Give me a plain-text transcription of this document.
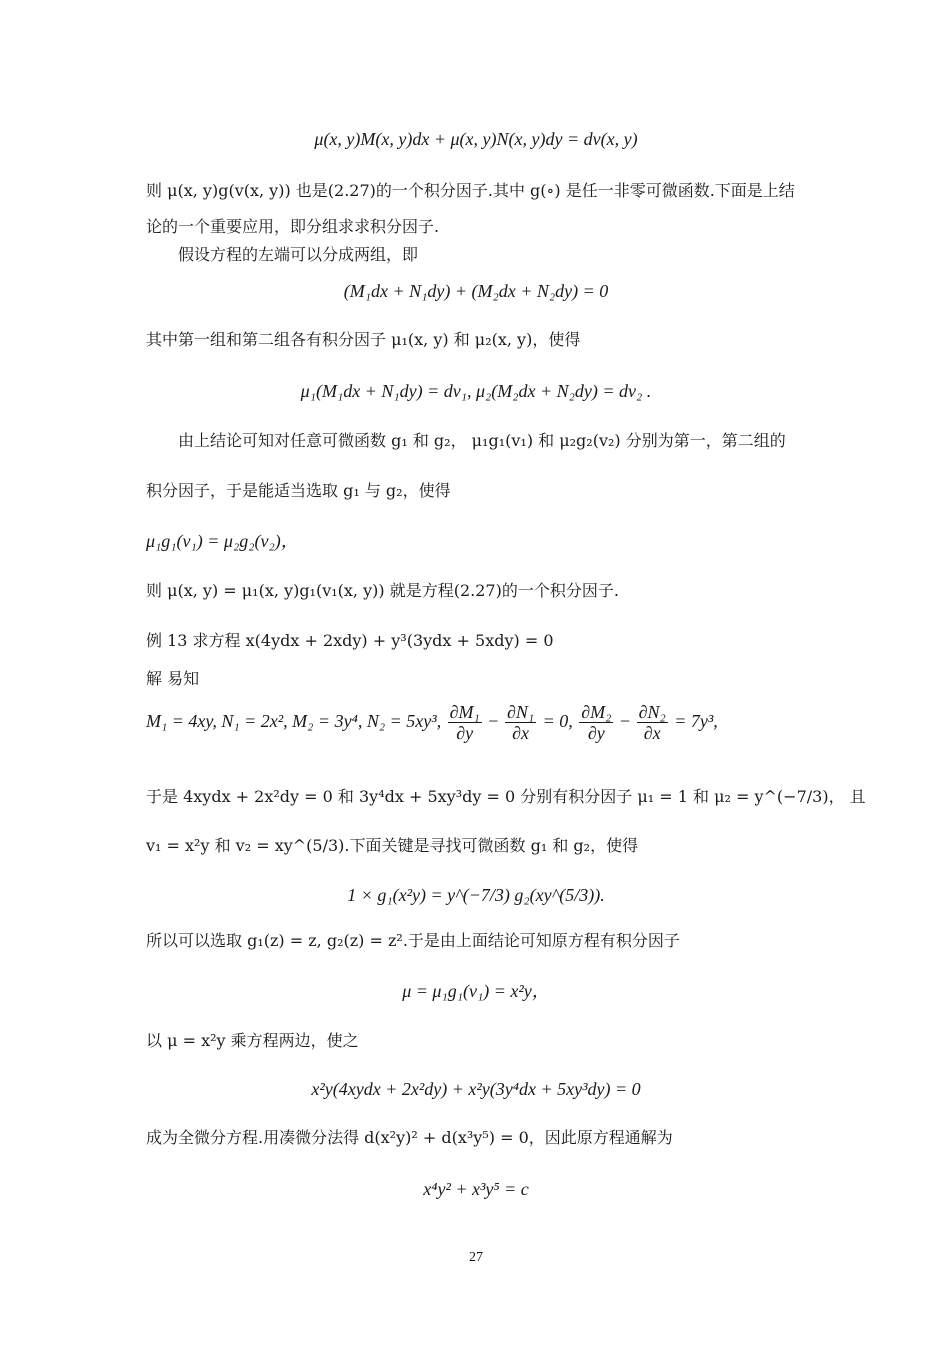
μ(x, y)M(x, y)dx + μ(x, y)N(x, y)dy = dv(x, y)
则 μ(x, y)g(v(x, y)) 也是(2.27)的一个积分因子.其中 g(∘) 是任一非零可微函数.下面是上结
论的一个重要应用，即分组求求积分因子.
假设方程的左端可以分成两组，即
(M₁dx + N₁dy) + (M₂dx + N₂dy) = 0
其中第一组和第二组各有积分因子 μ₁(x, y) 和 μ₂(x, y)，使得
μ₁(M₁dx + N₁dy) = dv₁, μ₂(M₂dx + N₂dy) = dv₂ .
由上结论可知对任意可微函数 g₁ 和 g₂， μ₁g₁(v₁) 和 μ₂g₂(v₂) 分别为第一，第二组的
积分因子，于是能适当选取 g₁ 与 g₂，使得
μ₁g₁(v₁) = μ₂g₂(v₂)，
则 μ(x, y) = μ₁(x, y)g₁(v₁(x, y)) 就是方程(2.27)的一个积分因子.
例 13 求方程 x(4ydx + 2xdy) + y³(3ydx + 5xdy) = 0
解 易知
M₁ = 4xy, N₁ = 2x², M₂ = 3y⁴, N₂ = 5xy³, $\frac{\text{∂M₁}}{\partial y} - \frac{\text{∂N₁}}{\partial x} = 0$, $\frac{\text{∂M₂}}{\partial y} - \frac{\text{∂N₂}}{\partial x} = 7y^3$,
于是 4xydx + 2x²dy = 0 和 3y⁴dx + 5xy³dy = 0 分别有积分因子 μ₁ = 1 和 μ₂ = y^(−7/3)， 且
v₁ = x²y 和 v₂ = xy^(5/3).下面关键是寻找可微函数 g₁ 和 g₂，使得
1 × g₁(x²y) = y^(−7/3) g₂(xy^(5/3)).
所以可以选取 g₁(z) = z, g₂(z) = z².于是由上面结论可知原方程有积分因子
μ = μ₁g₁(v₁) = x²y，
以 μ = x²y 乘方程两边，使之
x²y(4xydx + 2x²dy) + x²y(3y⁴dx + 5xy³dy) = 0
成为全微分方程.用凑微分法得 d(x²y)² + d(x³y⁵) = 0，因此原方程通解为
x⁴y² + x³y⁵ = c
27
